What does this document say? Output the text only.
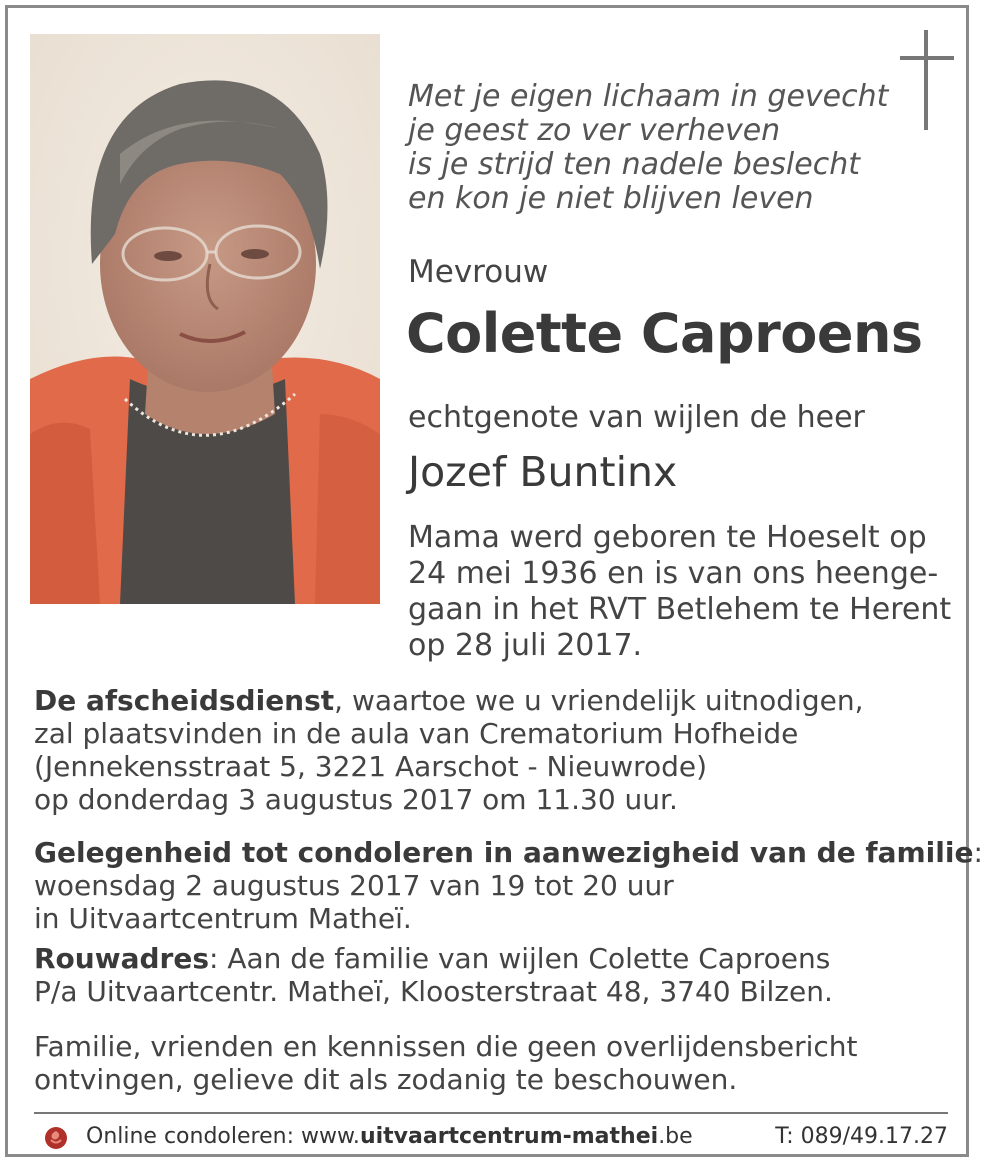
Met je eigen lichaam in gevecht
je geest zo ver verheven
is je strijd ten nadele beslecht
en kon je niet blijven leven
Mevrouw
Colette Caproens
echtgenote van wijlen de heer
Jozef Buntinx
Mama werd geboren te Hoeselt op
24 mei 1936 en is van ons heenge-
gaan in het RVT Betlehem te Herent
op 28 juli 2017.
De afscheidsdienst, waartoe we u vriendelijk uitnodigen,
zal plaatsvinden in de aula van Crematorium Hofheide
(Jennekensstraat 5, 3221 Aarschot - Nieuwrode)
op donderdag 3 augustus 2017 om 11.30 uur.
Gelegenheid tot condoleren in aanwezigheid van de familie:
woensdag 2 augustus 2017 van 19 tot 20 uur
in Uitvaartcentrum Matheï.
Rouwadres: Aan de familie van wijlen Colette Caproens
P/a Uitvaartcentr. Matheï, Kloosterstraat 48, 3740 Bilzen.
Familie, vrienden en kennissen die geen overlijdensbericht
ontvingen, gelieve dit als zodanig te beschouwen.
Online condoleren: www.uitvaartcentrum-mathei.be	T: 089/49.17.27
